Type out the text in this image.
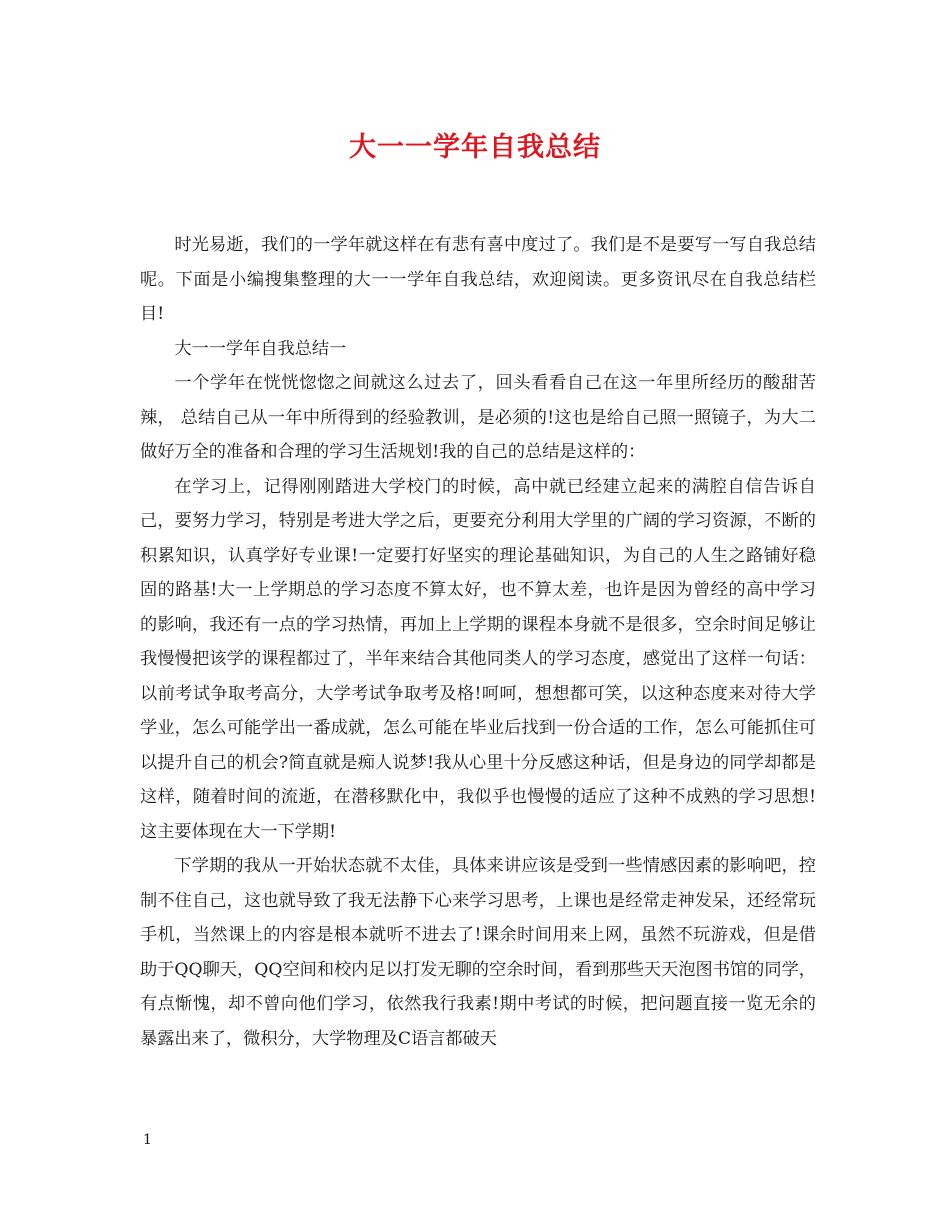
大一一学年自我总结

时光易逝，我们的一学年就这样在有悲有喜中度过了。我们是不是要写一写自我总结呢。下面是小编搜集整理的大一一学年自我总结，欢迎阅读。更多资讯尽在自我总结栏目!

大一一学年自我总结一

一个学年在恍恍惚惚之间就这么过去了，回头看看自己在这一年里所经历的酸甜苦辣， 总结自己从一年中所得到的经验教训，是必须的!这也是给自己照一照镜子，为大二做好万全的准备和合理的学习生活规划!我的自己的总结是这样的：

在学习上，记得刚刚踏进大学校门的时候，高中就已经建立起来的满腔自信告诉自己，要努力学习，特别是考进大学之后，更要充分利用大学里的广阔的学习资源，不断的积累知识，认真学好专业课!一定要打好坚实的理论基础知识，为自己的人生之路铺好稳固的路基!大一上学期总的学习态度不算太好，也不算太差，也许是因为曾经的高中学习的影响，我还有一点的学习热情，再加上上学期的课程本身就不是很多，空余时间足够让我慢慢把该学的课程都过了，半年来结合其他同类人的学习态度，感觉出了这样一句话：以前考试争取考高分，大学考试争取考及格!呵呵，想想都可笑，以这种态度来对待大学学业，怎么可能学出一番成就，怎么可能在毕业后找到一份合适的工作，怎么可能抓住可以提升自己的机会?简直就是痴人说梦!我从心里十分反感这种话，但是身边的同学却都是这样，随着时间的流逝，在潜移默化中，我似乎也慢慢的适应了这种不成熟的学习思想!这主要体现在大一下学期!

下学期的我从一开始状态就不太佳，具体来讲应该是受到一些情感因素的影响吧，控制不住自己，这也就导致了我无法静下心来学习思考，上课也是经常走神发呆，还经常玩手机，当然课上的内容是根本就听不进去了!课余时间用来上网，虽然不玩游戏，但是借助于QQ聊天，QQ空间和校内足以打发无聊的空余时间，看到那些天天泡图书馆的同学，有点惭愧，却不曾向他们学习，依然我行我素!期中考试的时候，把问题直接一览无余的暴露出来了，微积分，大学物理及C语言都破天

1
